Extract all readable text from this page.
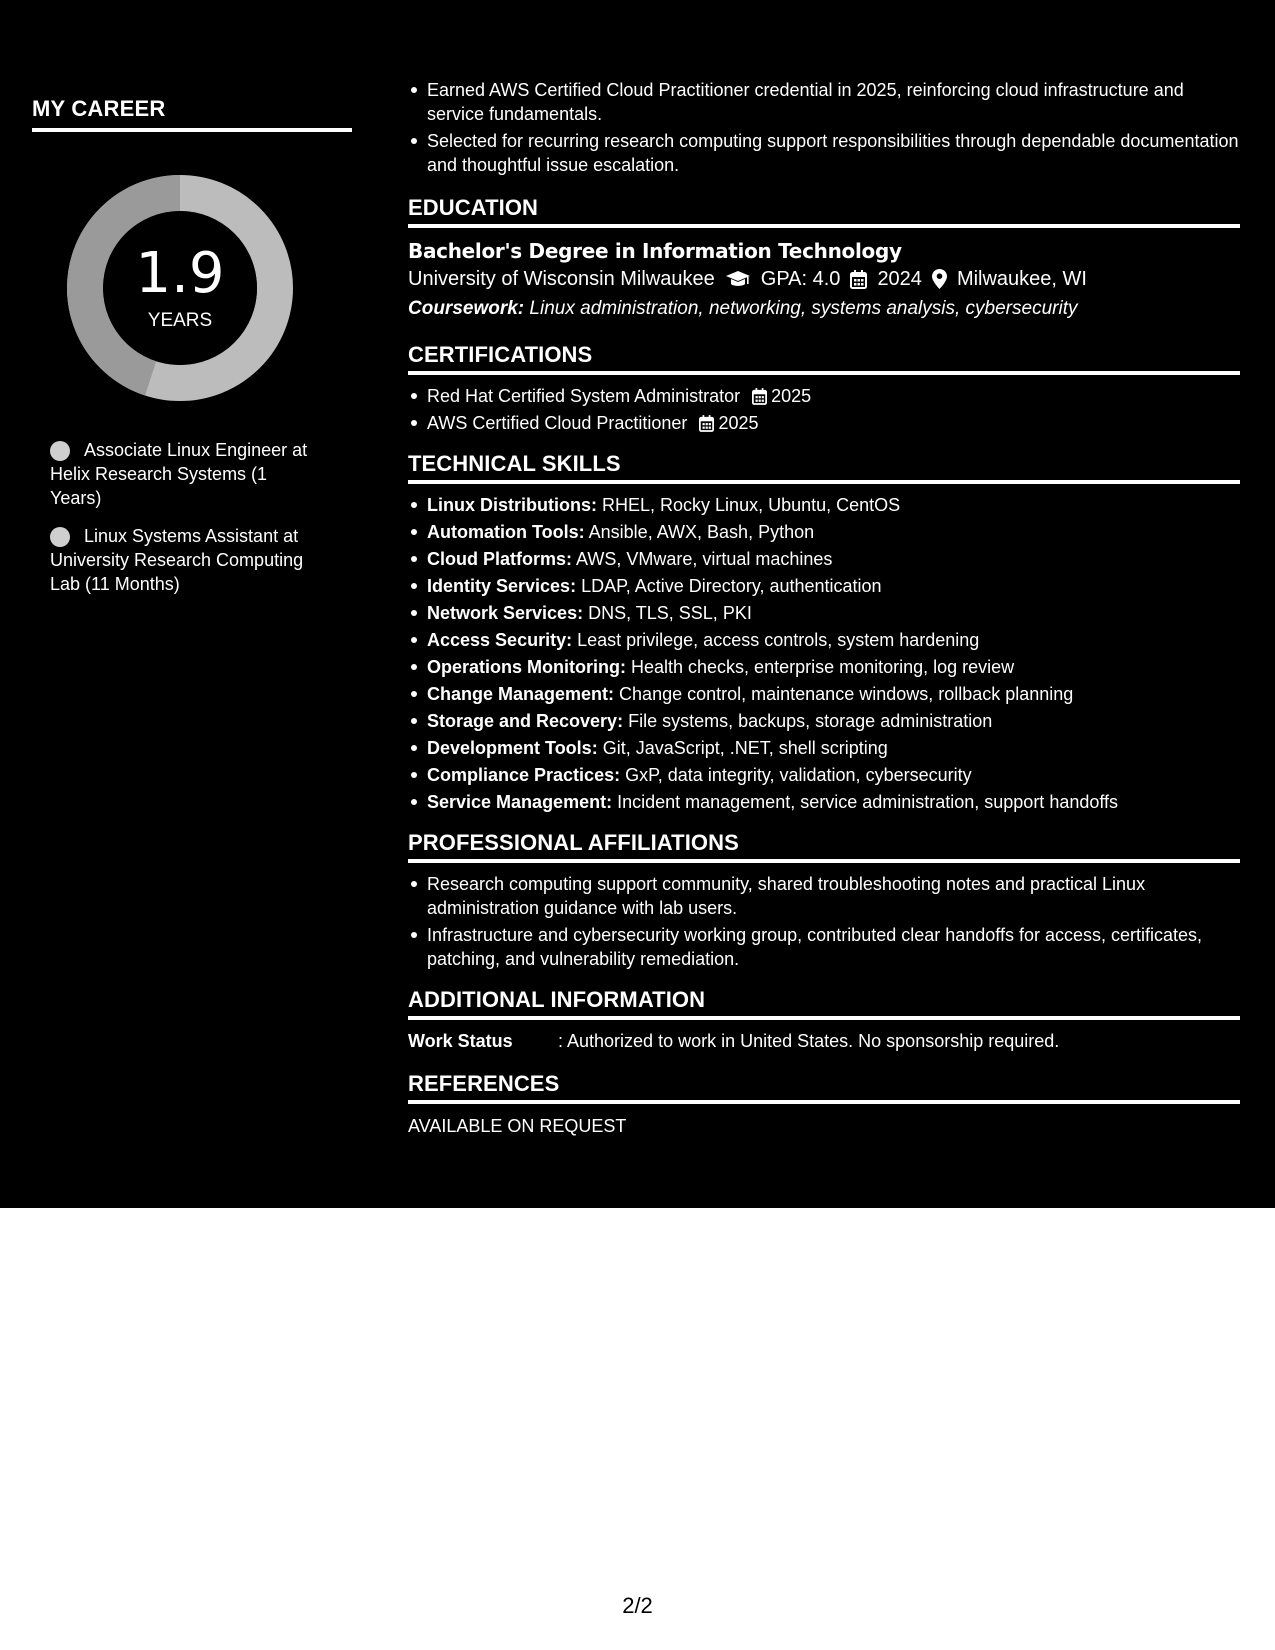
MY CAREER
1.9
YEARS
Associate Linux Engineer at Helix Research Systems (1 Years)
Linux Systems Assistant at University Research Computing Lab (11 Months)
Earned AWS Certified Cloud Practitioner credential in 2025, reinforcing cloud infrastructure and service fundamentals.
Selected for recurring research computing support responsibilities through dependable documentation and thoughtful issue escalation.
EDUCATION
Bachelor's Degree in Information Technology
University of Wisconsin Milwaukee GPA: 4.0 2024 Milwaukee, WI
Coursework: Linux administration, networking, systems analysis, cybersecurity
CERTIFICATIONS
Red Hat Certified System Administrator 2025
AWS Certified Cloud Practitioner 2025
TECHNICAL SKILLS
Linux Distributions: RHEL, Rocky Linux, Ubuntu, CentOS
Automation Tools: Ansible, AWX, Bash, Python
Cloud Platforms: AWS, VMware, virtual machines
Identity Services: LDAP, Active Directory, authentication
Network Services: DNS, TLS, SSL, PKI
Access Security: Least privilege, access controls, system hardening
Operations Monitoring: Health checks, enterprise monitoring, log review
Change Management: Change control, maintenance windows, rollback planning
Storage and Recovery: File systems, backups, storage administration
Development Tools: Git, JavaScript, .NET, shell scripting
Compliance Practices: GxP, data integrity, validation, cybersecurity
Service Management: Incident management, service administration, support handoffs
PROFESSIONAL AFFILIATIONS
Research computing support community, shared troubleshooting notes and practical Linux administration guidance with lab users.
Infrastructure and cybersecurity working group, contributed clear handoffs for access, certificates, patching, and vulnerability remediation.
ADDITIONAL INFORMATION
Work Status	: Authorized to work in United States. No sponsorship required.
REFERENCES
AVAILABLE ON REQUEST
2/2
